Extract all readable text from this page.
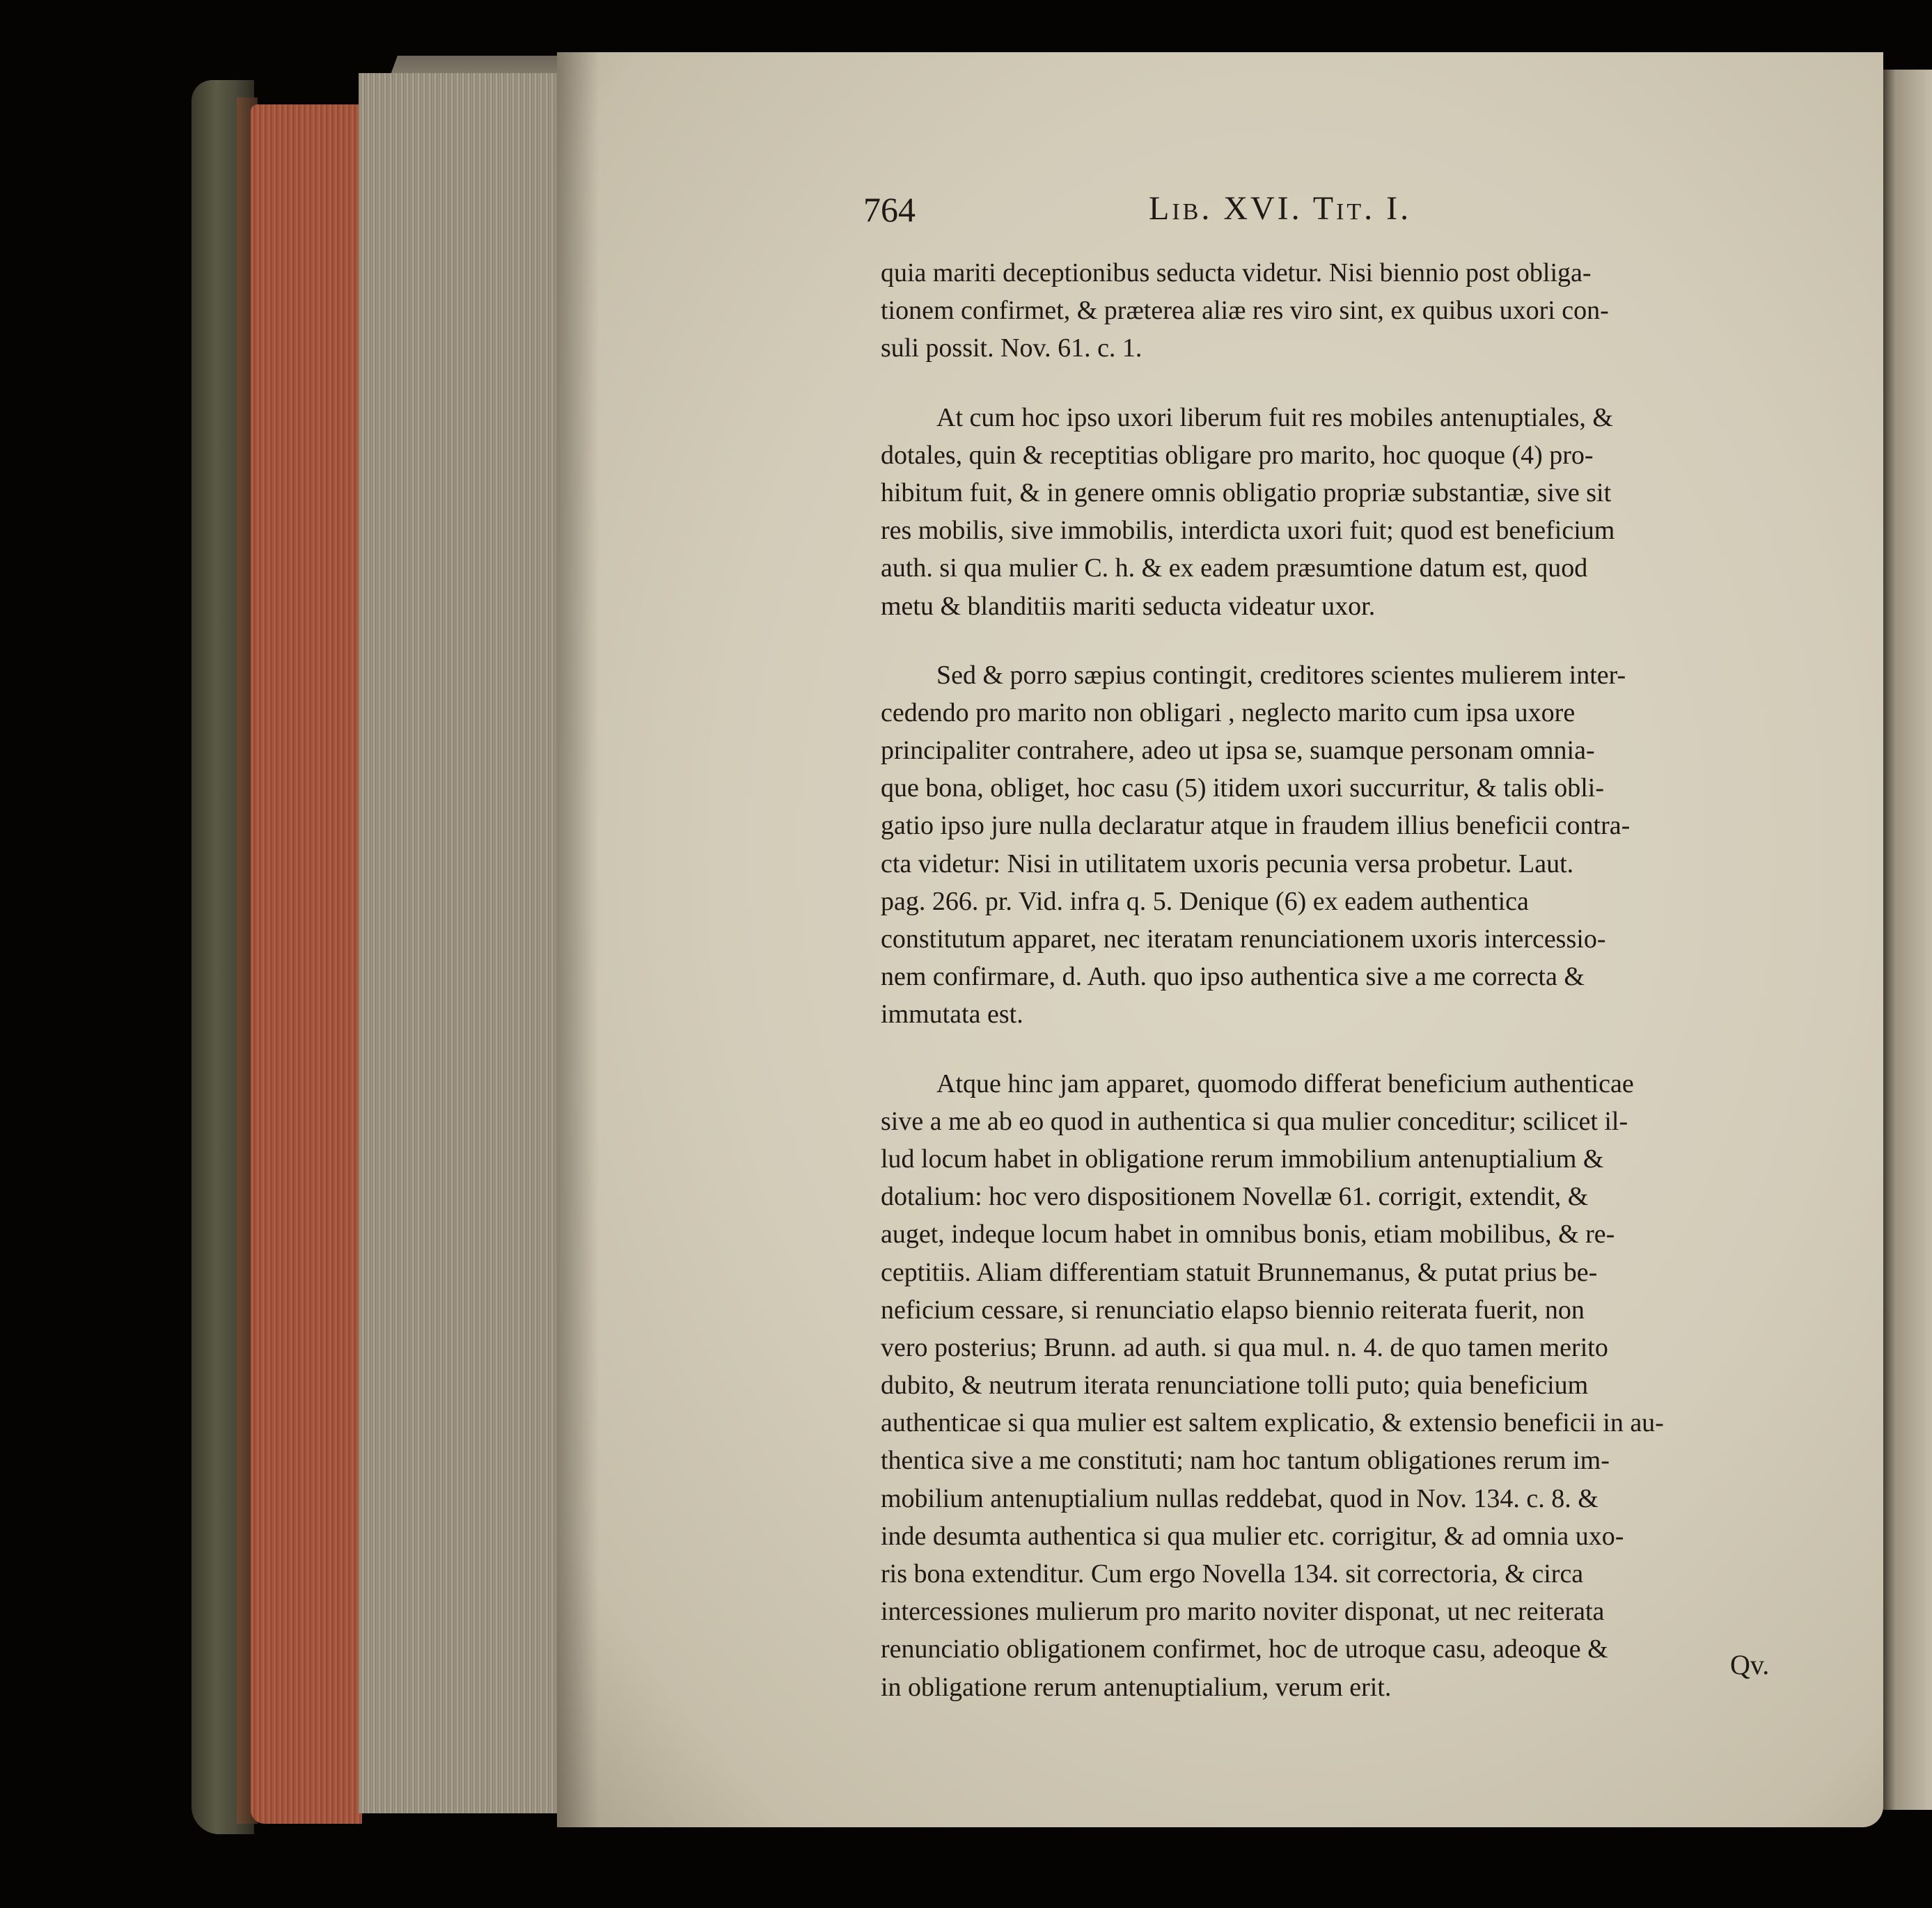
764	Lib. XVI. Tit. I.
quia mariti deceptionibus seducta videtur. Nisi biennio post obliga-
tionem confirmet, & præterea aliæ res viro sint, ex quibus uxori con-
suli possit. Nov. 61. c. 1.
At cum hoc ipso uxori liberum fuit res mobiles antenuptiales, &
dotales, quin & receptitias obligare pro marito, hoc quoque (4) pro-
hibitum fuit, & in genere omnis obligatio propriæ substantiæ, sive sit
res mobilis, sive immobilis, interdicta uxori fuit; quod est beneficium
auth. si qua mulier C. h. & ex eadem præsumtione datum est, quod
metu & blanditiis mariti seducta videatur uxor.
Sed & porro sæpius contingit, creditores scientes mulierem inter-
cedendo pro marito non obligari , neglecto marito cum ipsa uxore
principaliter contrahere, adeo ut ipsa se, suamque personam omnia-
que bona, obliget, hoc casu (5) itidem uxori succurritur, & talis obli-
gatio ipso jure nulla declaratur atque in fraudem illius beneficii contra-
cta videtur: Nisi in utilitatem uxoris pecunia versa probetur. Laut.
pag. 266. pr. Vid. infra q. 5. Denique (6) ex eadem authentica
constitutum apparet, nec iteratam renunciationem uxoris intercessio-
nem confirmare, d. Auth. quo ipso authentica sive a me correcta &
immutata est.
Atque hinc jam apparet, quomodo differat beneficium authenticae
sive a me ab eo quod in authentica si qua mulier conceditur; scilicet il-
lud locum habet in obligatione rerum immobilium antenuptialium &
dotalium: hoc vero dispositionem Novellæ 61. corrigit, extendit, &
auget, indeque locum habet in omnibus bonis, etiam mobilibus, & re-
ceptitiis. Aliam differentiam statuit Brunnemanus, & putat prius be-
neficium cessare, si renunciatio elapso biennio reiterata fuerit, non
vero posterius; Brunn. ad auth. si qua mul. n. 4. de quo tamen merito
dubito, & neutrum iterata renunciatione tolli puto; quia beneficium
authenticae si qua mulier est saltem explicatio, & extensio beneficii in au-
thentica sive a me constituti; nam hoc tantum obligationes rerum im-
mobilium antenuptialium nullas reddebat, quod in Nov. 134. c. 8. &
inde desumta authentica si qua mulier etc. corrigitur, & ad omnia uxo-
ris bona extenditur. Cum ergo Novella 134. sit correctoria, & circa
intercessiones mulierum pro marito noviter disponat, ut nec reiterata
renunciatio obligationem confirmet, hoc de utroque casu, adeoque &
in obligatione rerum antenuptialium, verum erit.
Qv.
